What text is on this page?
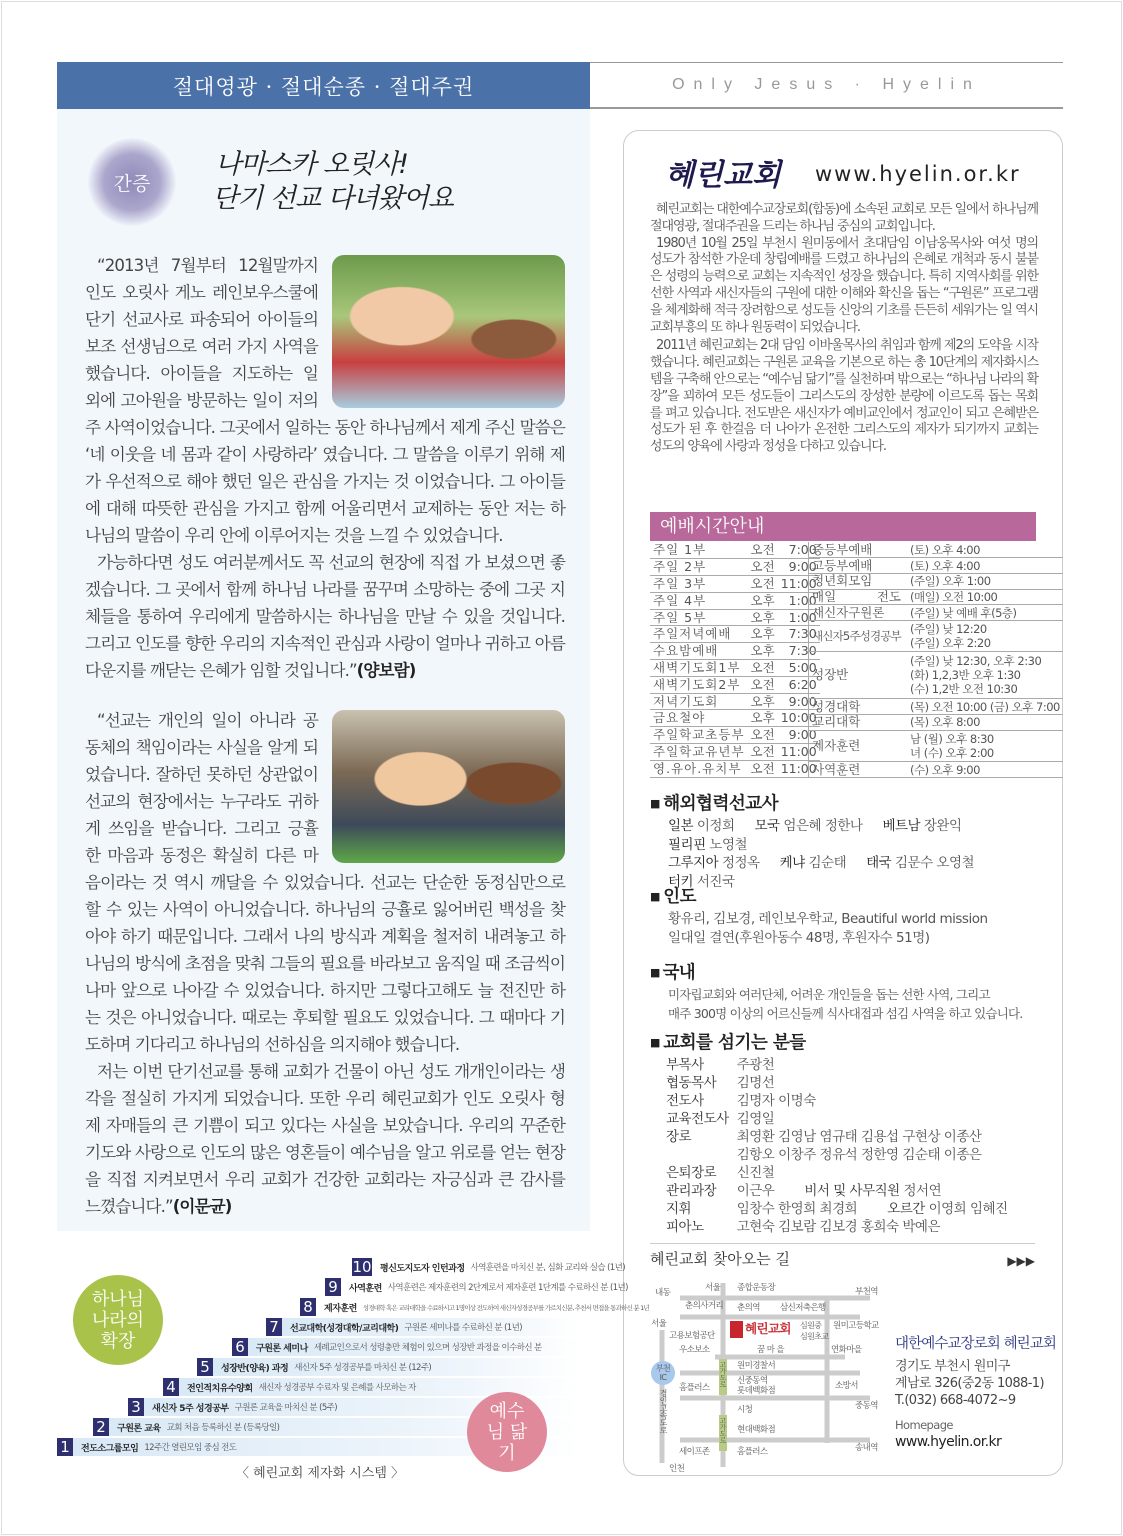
절대영광 · 절대순종 · 절대주권	Only Jesus · Hyelin
간증
나마스카 오릿사!
단기 선교 다녀왔어요

“2013년 7월부터 12월말까지 인도 오릿사 게노 레인보우스쿨에 단기 선교사로 파송되어 아이들의 보조 선생님으로 여러 가지 사역을 했습니다. 아이들을 지도하는 일 외에 고아원을 방문하는 일이 저의 주 사역이었습니다. 그곳에서 일하는 동안 하나님께서 제게 주신 말씀은 ‘네 이웃을 네 몸과 같이 사랑하라’ 였습니다. 그 말씀을 이루기 위해 제가 우선적으로 해야 했던 일은 관심을 가지는 것 이었습니다. 그 아이들에 대해 따뜻한 관심을 가지고 함께 어울리면서 교제하는 동안 저는 하나님의 말씀이 우리 안에 이루어지는 것을 느낄 수 있었습니다.

가능하다면 성도 여러분께서도 꼭 선교의 현장에 직접 가 보셨으면 좋겠습니다. 그 곳에서 함께 하나님 나라를 꿈꾸며 소망하는 중에 그곳 지체들을 통하여 우리에게 말씀하시는 하나님을 만날 수 있을 것입니다. 그리고 인도를 향한 우리의 지속적인 관심과 사랑이 얼마나 귀하고 아름다운지를 깨닫는 은혜가 임할 것입니다.”(양보람)

“선교는 개인의 일이 아니라 공동체의 책임이라는 사실을 알게 되었습니다. 잘하던 못하던 상관없이 선교의 현장에서는 누구라도 귀하게 쓰임을 받습니다. 그리고 긍휼한 마음과 동정은 확실히 다른 마음이라는 것 역시 깨달을 수 있었습니다. 선교는 단순한 동정심만으로 할 수 있는 사역이 아니었습니다. 하나님의 긍휼로 잃어버린 백성을 찾아야 하기 때문입니다. 그래서 나의 방식과 계획을 철저히 내려놓고 하나님의 방식에 초점을 맞춰 그들의 필요를 바라보고 움직일 때 조금씩이나마 앞으로 나아갈 수 있었습니다. 하지만 그렇다고해도 늘 전진만 하는 것은 아니었습니다. 때로는 후퇴할 필요도 있었습니다. 그 때마다 기도하며 기다리고 하나님의 선하심을 의지해야 했습니다.

저는 이번 단기선교를 통해 교회가 건물이 아닌 성도 개개인이라는 생각을 절실히 가지게 되었습니다. 또한 우리 혜린교회가 인도 오릿사 형제 자매들의 큰 기쁨이 되고 있다는 사실을 보았습니다. 우리의 꾸준한 기도와 사랑으로 인도의 많은 영혼들이 예수님을 알고 위로를 얻는 현장을 직접 지켜보면서 우리 교회가 건강한 교회라는 자긍심과 큰 감사를 느꼈습니다.”(이문균)

혜린교회 www.hyelin.or.kr

혜린교회는 대한예수교장로회(합동)에 소속된 교회로 모든 일에서 하나님께 절대영광, 절대주권을 드리는 하나님 중심의 교회입니다.

1980년 10월 25일 부천시 원미동에서 초대담임 이남웅목사와 여섯 명의 성도가 참석한 가운데 창립예배를 드렸고 하나님의 은혜로 개척과 동시 불붙은 성령의 능력으로 교회는 지속적인 성장을 했습니다. 특히 지역사회를 위한 선한 사역과 새신자들의 구원에 대한 이해와 확신을 돕는 “구원론” 프로그램을 체계화해 적극 장려함으로 성도들 신앙의 기초를 든든히 세워가는 일 역시 교회부흥의 또 하나 원동력이 되었습니다.

2011년 혜린교회는 2대 담임 이바울목사의 취임과 함께 제2의 도약을 시작했습니다. 혜린교회는 구원론 교육을 기본으로 하는 총 10단계의 제자화시스템을 구축해 안으로는 “예수님 닮기”를 실천하며 밖으로는 “하나님 나라의 확장”을 꾀하여 모든 성도들이 그리스도의 장성한 분량에 이르도록 돕는 목회를 펴고 있습니다. 전도받은 새신자가 예비교인에서 정교인이 되고 은혜받은 성도가 된 후 한걸음 더 나아가 온전한 그리스도의 제자가 되기까지 교회는 성도의 양육에 사랑과 정성을 다하고 있습니다.

예배시간안내
주일 1부	오전	7:00
주일 2부	오전	9:00
주일 3부	오전	11:00
주일 4부	오후	1:00
주일 5부	오후	1:00
주일저녁예배	오후	7:30
수요밤예배	오후	7:30
새벽기도회1부	오전	5:00
새벽기도회2부	오전	6:20
저녁기도회	오후	9:00
금요철야	오후	10:00
주일학교초등부	오전	9:00
주일학교유년부	오전	11:00
영.유아.유치부	오전	11:00
중등부예배	(토) 오후 4:00

고등부예배	(토) 오후 4:00

청년회모임	(주일) 오후 1:00

매일 전도	(매일) 오전 10:00

새신자구원론	(주일) 낮 예배 후(5층)

새신자5주성경공부	(주일) 낮 12:20
(주일) 오후 2:20

성장반	(주일) 낮 12:30, 오후 2:30
(화) 1,2,3반 오후 1:30
(수) 1,2반 오전 10:30

성경대학	(목) 오전 10:00 (금) 오후 7:00

교리대학	(목) 오후 8:00

제자훈련	남 (월) 오후 8:30
녀 (수) 오후 2:00

사역훈련	(수) 오후 9:00
■ 해외협력선교사
일본 이정희 모국 엄은혜 정한나 베트남 장완익
필리핀 노영철
그루지아 정정옥 케냐 김순태 태국 김문수 오영철
터키 서진국
■ 인도
황유리, 김보경, 레인보우학교, Beautiful world mission
일대일 결연(후원아동수 48명, 후원자수 51명)
■ 국내
미자립교회와 여러단체, 어려운 개인들을 돕는 선한 사역, 그리고
매주 300명 이상의 어르신들께 식사대접과 섬김 사역을 하고 있습니다.
■ 교회를 섬기는 분들
부목사	주광천
협동목사	김명선
전도사	김명자 이명숙
교육전도사	김영일
장로	최영환 김영남 염규태 김용섭 구현상 이종산
	김항오 이창주 정유석 정한영 김순태 이종은
은퇴장로	신진철
관리과장	이근우 비서 및 사무직원 정서연
지휘	임창수 한영희 최경희 오르간 이영희 임혜진
피아노	고현숙 김보람 김보경 홍희숙 박예은
혜린교회 찾아오는 길	▶▶▶
서울
춘의사거리
내동	종합운동장
춘의역
부천역
삼신저축은행
서울
고용보험공단 혜린교회 심원중
심원초교
원미고등학교
우소보소	꿈 마 을	연화마을
원미경찰서
부천IC	신중동역
롯데백화점	소방서
홈플러스
중동역
시청
경인고속도로
고가도로
고가도로 현대백화점
송내역
세이프존	홈플러스
인천
대한예수교장로회 혜린교회
경기도 부천시 원미구
계남로 326(중2동 1088-1)
T.(032) 668-4072~9
Homepage
www.hyelin.or.kr
1	전도소그룹모임 12주간 열린모임 중심 전도
2	구원론 교육 교회 처음 등록하신 분 (등록당일)
3	새신자 5주 성경공부 구원론 교육을 마치신 분 (5주)
4	전인적치유수양회 새신자 성경공부 수료자 및 은혜를 사모하는 자
5	성장반(양육) 과정 새신자 5주 성경공부를 마치신 분 (12주)
6	구원론 세미나 세례교인으로서 성령충만 체험이 있으며 성장반 과정을 이수하신 분
7	선교대학(성경대학/교리대학) 구원론 세미나를 수료하신 분 (1년)
8	제자훈련 성경대학 혹은 교리대학을 수료하시고 1명이상 전도하여 새신자성경공부를 가르치신분, 추천서 면접을 통과하신 분 1년
9	사역훈련 사역훈련은 제자훈련의 2단계로서 제자훈련 1단계를 수료하신 분 (1년)
10 평신도지도자 인턴과정 사역훈련을 마치신 분, 심화 교리와 실습 (1년)
하나님 나라의 확장
예수님 닮기
〈 혜린교회 제자화 시스템 〉
